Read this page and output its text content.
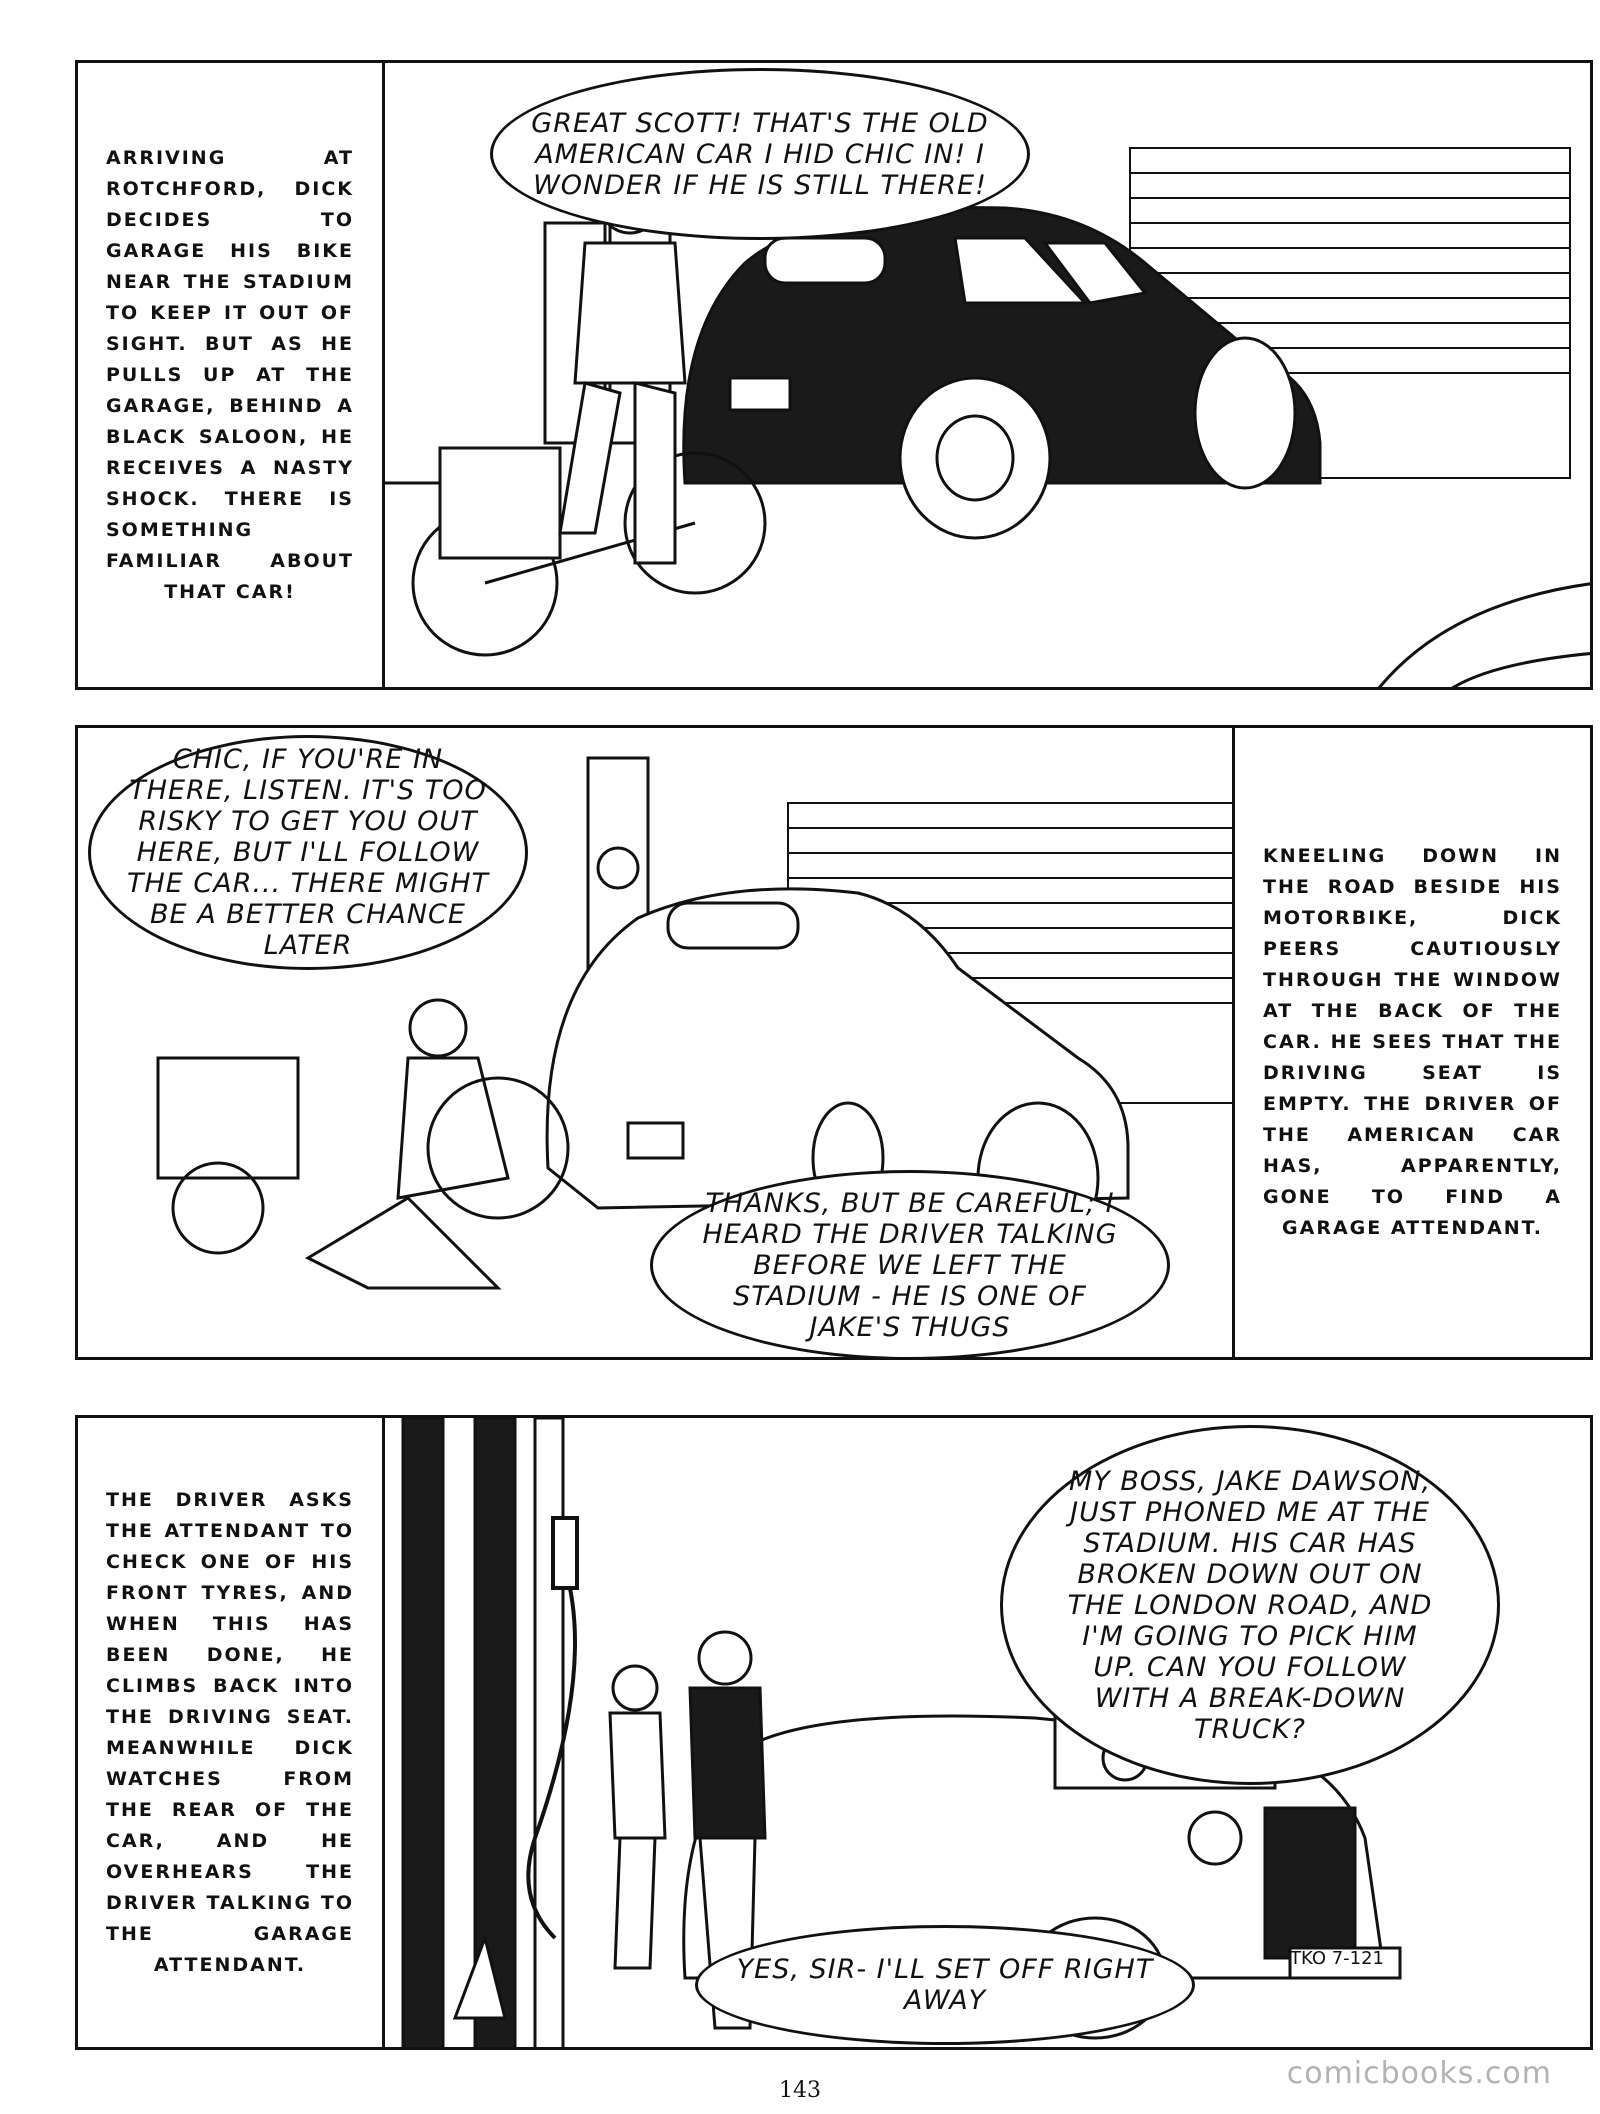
ARRIVING AT ROTCHFORD, DICK DECIDES TO GARAGE HIS BIKE NEAR THE STADIUM TO KEEP IT OUT OF SIGHT. BUT AS HE PULLS UP AT THE GARAGE, BEHIND A BLACK SALOON, HE RECEIVES A NASTY SHOCK. THERE IS SOMETHING FAMILIAR ABOUT THAT CAR!
GREAT SCOTT! THAT'S THE OLD AMERICAN CAR I HID CHIC IN! I WONDER IF HE IS STILL THERE!
KNEELING DOWN IN THE ROAD BESIDE HIS MOTORBIKE, DICK PEERS CAUTIOUSLY THROUGH THE WINDOW AT THE BACK OF THE CAR. HE SEES THAT THE DRIVING SEAT IS EMPTY. THE DRIVER OF THE AMERICAN CAR HAS, APPARENTLY, GONE TO FIND A GARAGE ATTENDANT.
CHIC, IF YOU'RE IN THERE, LISTEN. IT'S TOO RISKY TO GET YOU OUT HERE, BUT I'LL FOLLOW THE CAR... THERE MIGHT BE A BETTER CHANCE LATER
THANKS, BUT BE CAREFUL; I HEARD THE DRIVER TALKING BEFORE WE LEFT THE STADIUM - HE IS ONE OF JAKE'S THUGS
THE DRIVER ASKS THE ATTENDANT TO CHECK ONE OF HIS FRONT TYRES, AND WHEN THIS HAS BEEN DONE, HE CLIMBS BACK INTO THE DRIVING SEAT. MEANWHILE DICK WATCHES FROM THE REAR OF THE CAR, AND HE OVERHEARS THE DRIVER TALKING TO THE GARAGE ATTENDANT.	TKO 7-121
MY BOSS, JAKE DAWSON, JUST PHONED ME AT THE STADIUM. HIS CAR HAS BROKEN DOWN OUT ON THE LONDON ROAD, AND I'M GOING TO PICK HIM UP. CAN YOU FOLLOW WITH A BREAK-DOWN TRUCK?
YES, SIR- I'LL SET OFF RIGHT AWAY
143	comicbooks.com
